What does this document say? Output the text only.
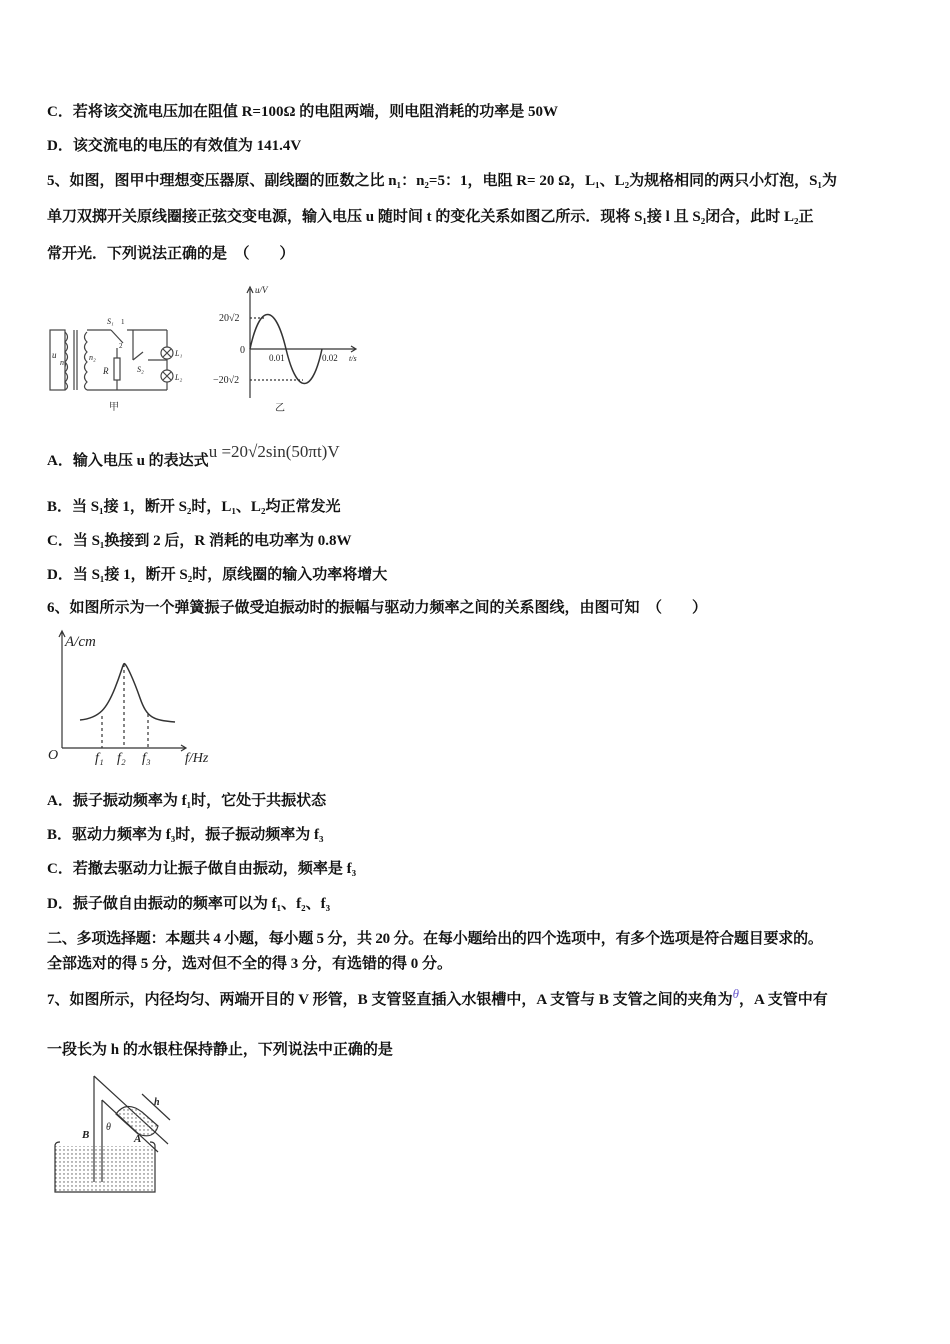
C．若将该交流电压加在阻值 R=100Ω 的电阻两端，则电阻消耗的功率是 50W
D．该交流电的电压的有效值为 141.4V
5、如图，图甲中理想变压器原、副线圈的匝数之比 n₁：n₂=5：1，电阻 R= 20 Ω，L₁、L₂为规格相同的两只小灯泡，S₁为
单刀双掷开关原线圈接正弦交变电源，输入电压 u 随时间 t 的变化关系如图乙所示．现将 S₁接 l 且 S₂闭合，此时 L₂正
常开光．下列说法正确的是　（　　）
u
n₁
n₂
S₁ 1
2
R	S₂
L₁
L₂
甲
u/V
20√2
0
−20√2
0.01	0.02 t/s
乙
A．输入电压 u 的表达式u =20√2sin(50πt)V
B．当 S₁接 1，断开 S₂时，L₁、L₂均正常发光
C．当 S₁换接到 2 后，R 消耗的电功率为 0.8W
D．当 S₁接 1，断开 S₂时，原线圈的输入功率将增大
6、如图所示为一个弹簧振子做受迫振动时的振幅与驱动力频率之间的关系图线，由图可知　（　　）
A/cm
O	f₁ f₂ f₃ f/Hz
A．振子振动频率为 f₁时，它处于共振状态
B．驱动力频率为 f₃时，振子振动频率为 f₃
C．若撤去驱动力让振子做自由振动，频率是 f₃
D．振子做自由振动的频率可以为 f₁、f₂、f₃
二、多项选择题：本题共 4 小题，每小题 5 分，共 20 分。在每小题给出的四个选项中，有多个选项是符合题目要求的。
全部选对的得 5 分，选对但不全的得 3 分，有选错的得 0 分。
7、如图所示，内径均匀、两端开目的 V 形管，B 支管竖直插入水银槽中，A 支管与 B 支管之间的夹角为θ，A 支管中有
一段长为 h 的水银柱保持静止，下列说法中正确的是
h
B
θ
A
